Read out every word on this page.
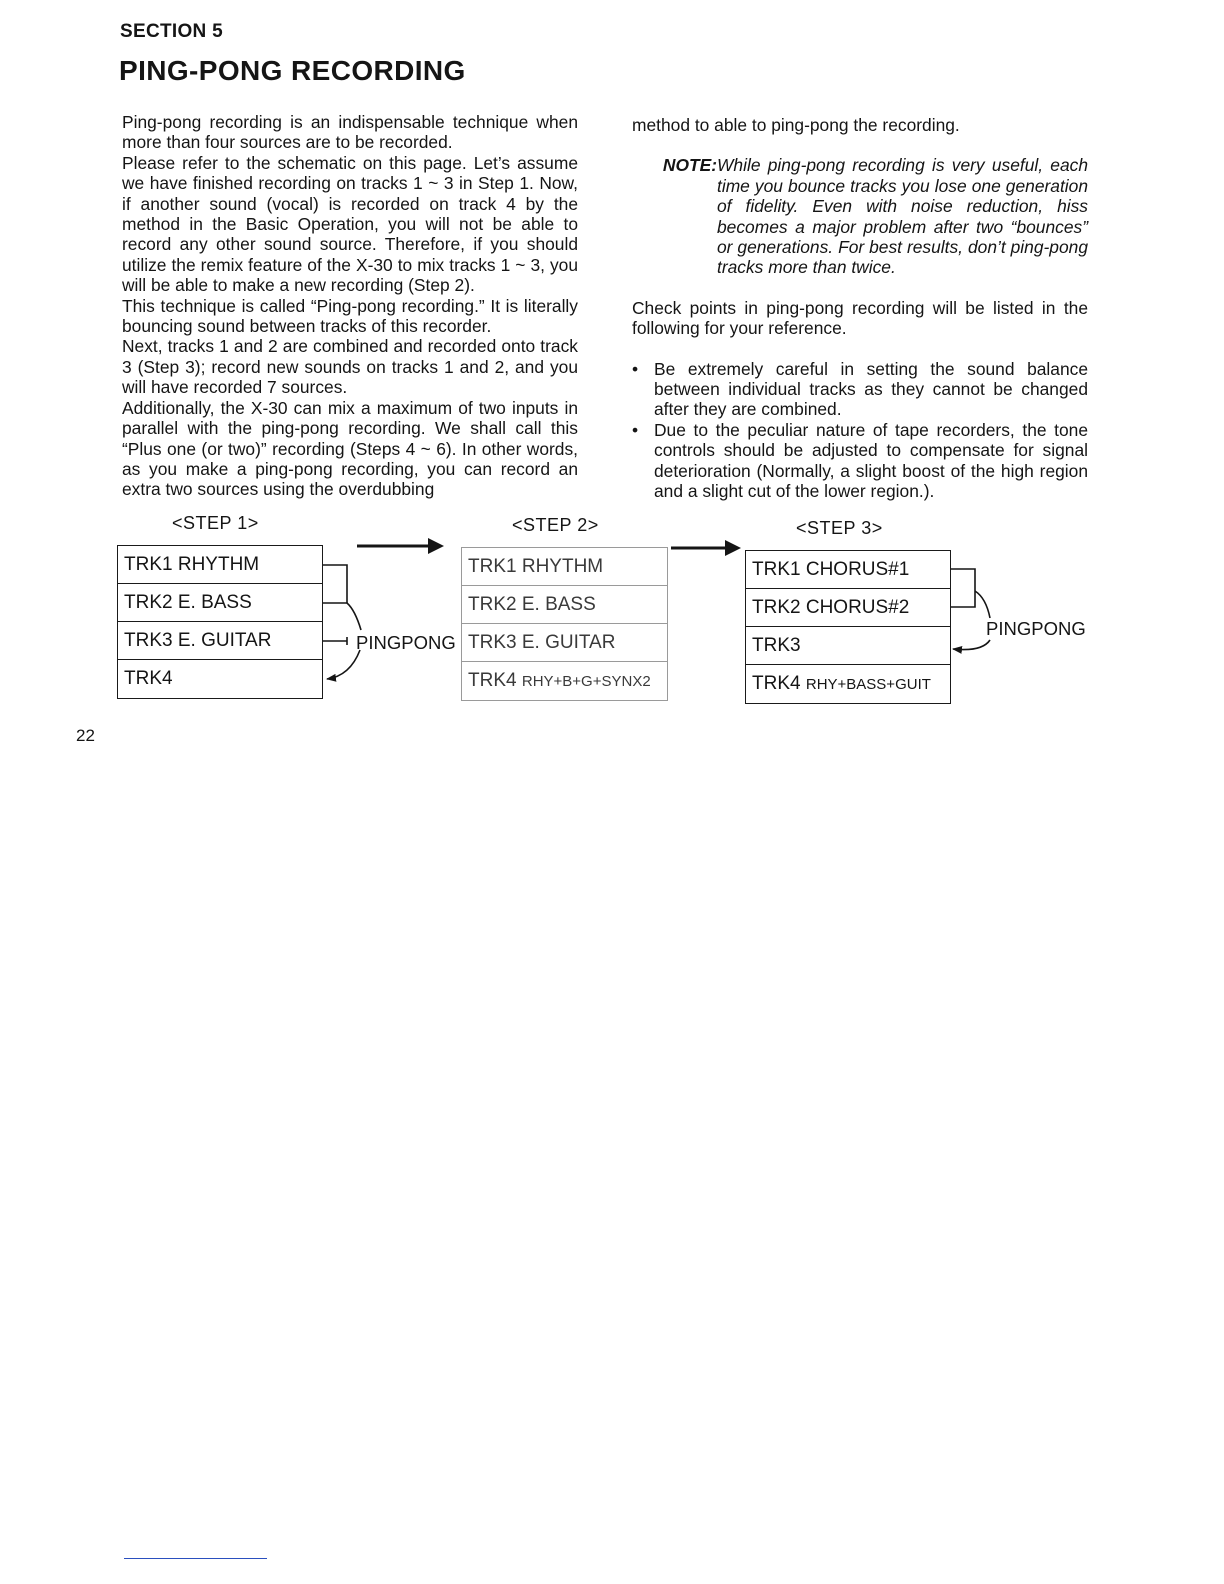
SECTION 5
PING-PONG RECORDING

Ping-pong recording is an indispensable technique when more than four sources are to be recorded.

Please refer to the schematic on this page. Let’s assume we have finished recording on tracks 1 ~ 3 in Step 1. Now, if another sound (vocal) is recorded on track 4 by the method in the Basic Operation, you will not be able to record any other sound source. Therefore, if you should utilize the remix feature of the X-30 to mix tracks 1 ~ 3, you will be able to make a new recording (Step 2).

This technique is called “Ping-pong recording.” It is literally bouncing sound between tracks of this recorder.

Next, tracks 1 and 2 are combined and recorded onto track 3 (Step 3); record new sounds on tracks 1 and 2, and you will have recorded 7 sources.

Additionally, the X-30 can mix a maximum of two inputs in parallel with the ping-pong recording. We shall call this “Plus one (or two)” recording (Steps 4 ~ 6). In other words, as you make a ping-pong recording, you can record an extra two sources using the overdubbing

method to able to ping-pong the recording.

NOTE: While ping-pong recording is very useful, each time you bounce tracks you lose one generation of fidelity. Even with noise reduction, hiss becomes a major problem after two “bounces” or generations. For best results, don’t ping-pong tracks more than twice.

Check points in ping-pong recording will be listed in the following for your reference.

• Be extremely careful in setting the sound balance between individual tracks as they cannot be changed after they are combined.
• Due to the peculiar nature of tape recorders, the tone controls should be adjusted to compensate for signal deterioration (Normally, a slight boost of the high region and a slight cut of the lower region.).
<STEP 1>
TRK1 RHYTHM
TRK2 E. BASS
TRK3 E. GUITAR
TRK4
PINGPONG
<STEP 2>
TRK1 RHYTHM
TRK2 E. BASS
TRK3 E. GUITAR
TRK4 RHY+B+G+SYNX2
<STEP 3>
TRK1 CHORUS#1
TRK2 CHORUS#2
TRK3
TRK4 RHY+BASS+GUIT
PINGPONG
22
